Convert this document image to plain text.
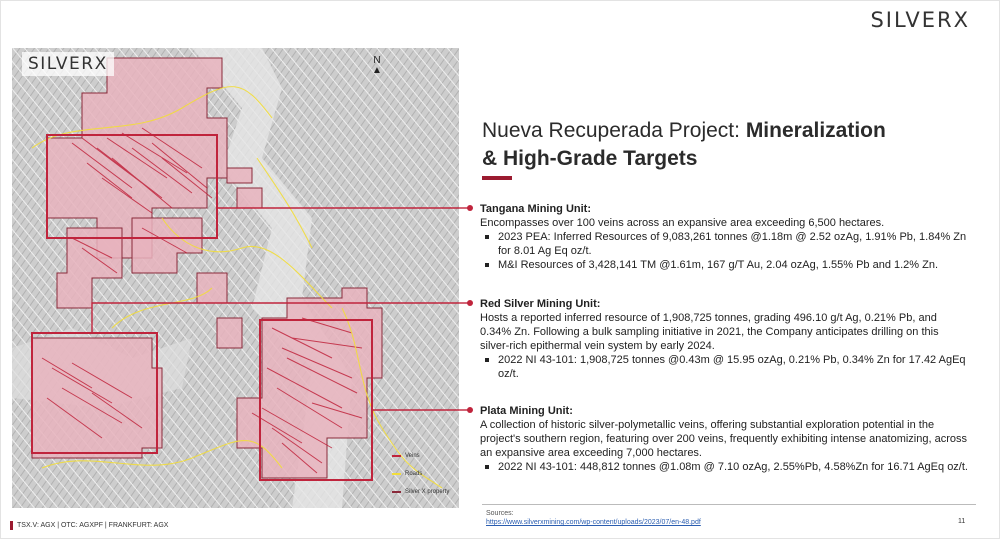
SILVERX
SILVERX	N
▲
Veins
Roads
Silver X property
Nueva Recuperada Project: Mineralization
& High-Grade Targets
Tangana Mining Unit:

Encompasses over 100 veins across an expansive area exceeding 6,500 hectares.

2023 PEA: Inferred Resources of 9,083,261 tonnes @1.18m @ 2.52 ozAg, 1.91% Pb, 1.84% Zn for 8.01 Ag Eq oz/t.
M&I Resources of 3,428,141 TM @1.61m, 167 g/T Au, 2.04 ozAg, 1.55% Pb and 1.2% Zn.
Red Silver Mining Unit:

Hosts a reported inferred resource of 1,908,725 tonnes, grading 496.10 g/t Ag, 0.21% Pb, and 0.34% Zn. Following a bulk sampling initiative in 2021, the Company anticipates drilling on this silver-rich epithermal vein system by early 2024.

2022 NI 43-101: 1,908,725 tonnes @0.43m @ 15.95 ozAg, 0.21% Pb, 0.34% Zn for 17.42 AgEq oz/t.
Plata Mining Unit:

A collection of historic silver-polymetallic veins, offering substantial exploration potential in the project's southern region, featuring over 200 veins, frequently exhibiting intense anatomizing, across an expansive area exceeding 7,000 hectares.

2022 NI 43-101: 448,812 tonnes @1.08m @ 7.10 ozAg, 2.55%Pb, 4.58%Zn for 16.71 AgEq oz/t.
Sources:
https://www.silverxmining.com/wp-content/uploads/2023/07/en-48.pdf	11
TSX.V: AGX | OTC: AGXPF | FRANKFURT: AGX
